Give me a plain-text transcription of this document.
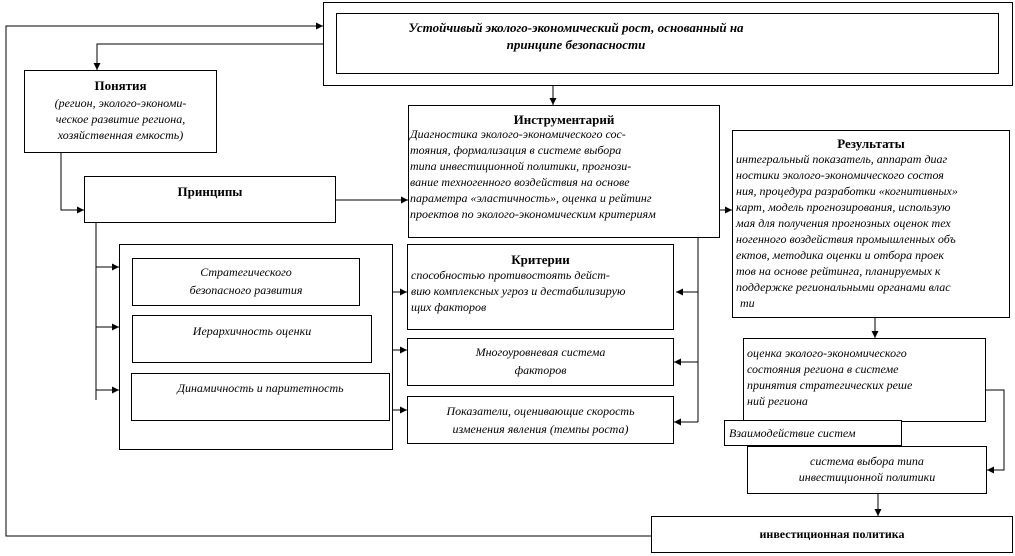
Устойчивый эколого-экономический рост, основанный на
принципе безопасности
Понятия
(регион, эколого-экономи-
ческое развитие региона,
хозяйственная емкость)
Принципы
Стратегического
безопасного развития
Иерархичность оценки
Динамичность и паритетность
Инструментарий
Диагностика эколого-экономического сос-
тояния, формализация в системе выбора
типа инвестиционной политики, прогнози-
вание техногенного воздействия на основе
параметра «эластичность», оценка и рейтинг
проектов по эколого-экономическим критериям
Критерии
способностью противостоять дейст-
вию комплексных угроз и дестабилизирую
щих факторов
Многоуровневая система
факторов
Показатели, оценивающие скорость
изменения явления (темпы роста)
Результаты
интегральный показатель, аппарат диаг
ностики эколого-экономического состоя
ния, процедура разработки «когнитивных»
карт, модель прогнозирования, использую
мая для получения прогнозных оценок тех
ногенного воздействия промышленных объ
ектов, методика оценки и отбора проек
тов на основе рейтинга, планируемых к
поддержке региональными органами влас
ти
оценка эколого-экономического
состояния региона в системе
принятия стратегических реше
ний региона
Взаимодействие систем
система выбора типа
инвестиционной политики
инвестиционная политика
